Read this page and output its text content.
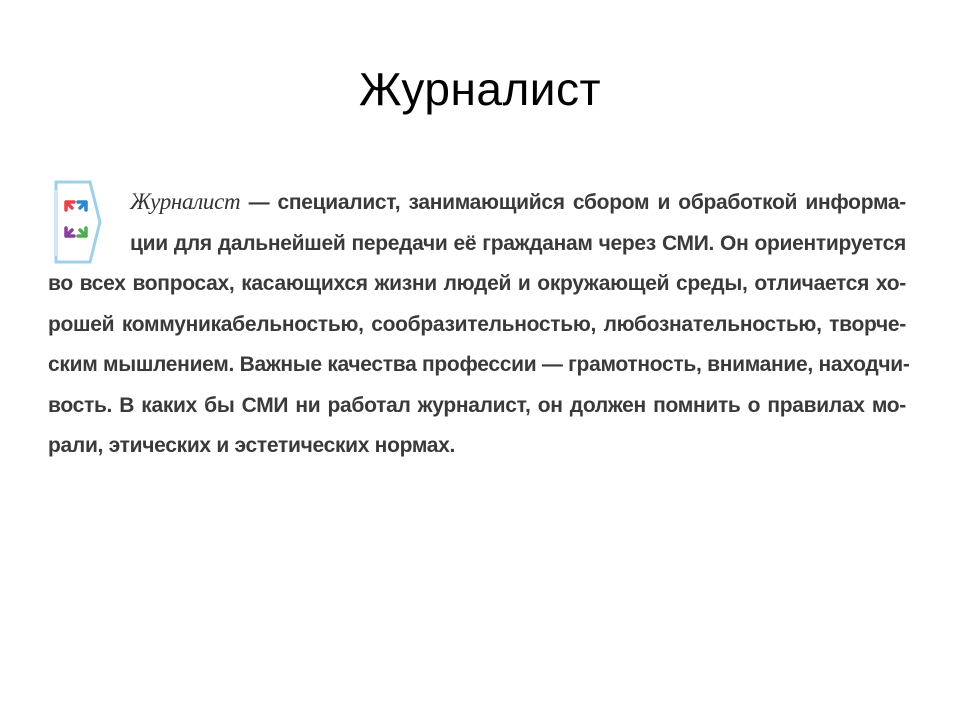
Журналист
Журналист — специалист, занимающийся сбором и обработкой информа-
ции для дальнейшей передачи её гражданам через СМИ. Он ориентируется
во всех вопросах, касающихся жизни людей и окружающей среды, отличается хо-
рошей коммуникабельностью, сообразительностью, любознательностью, творче-
ским мышлением. Важные качества профессии — грамотность, внимание, находчи-
вость. В каких бы СМИ ни работал журналист, он должен помнить о правилах мо-
рали, этических и эстетических нормах.
